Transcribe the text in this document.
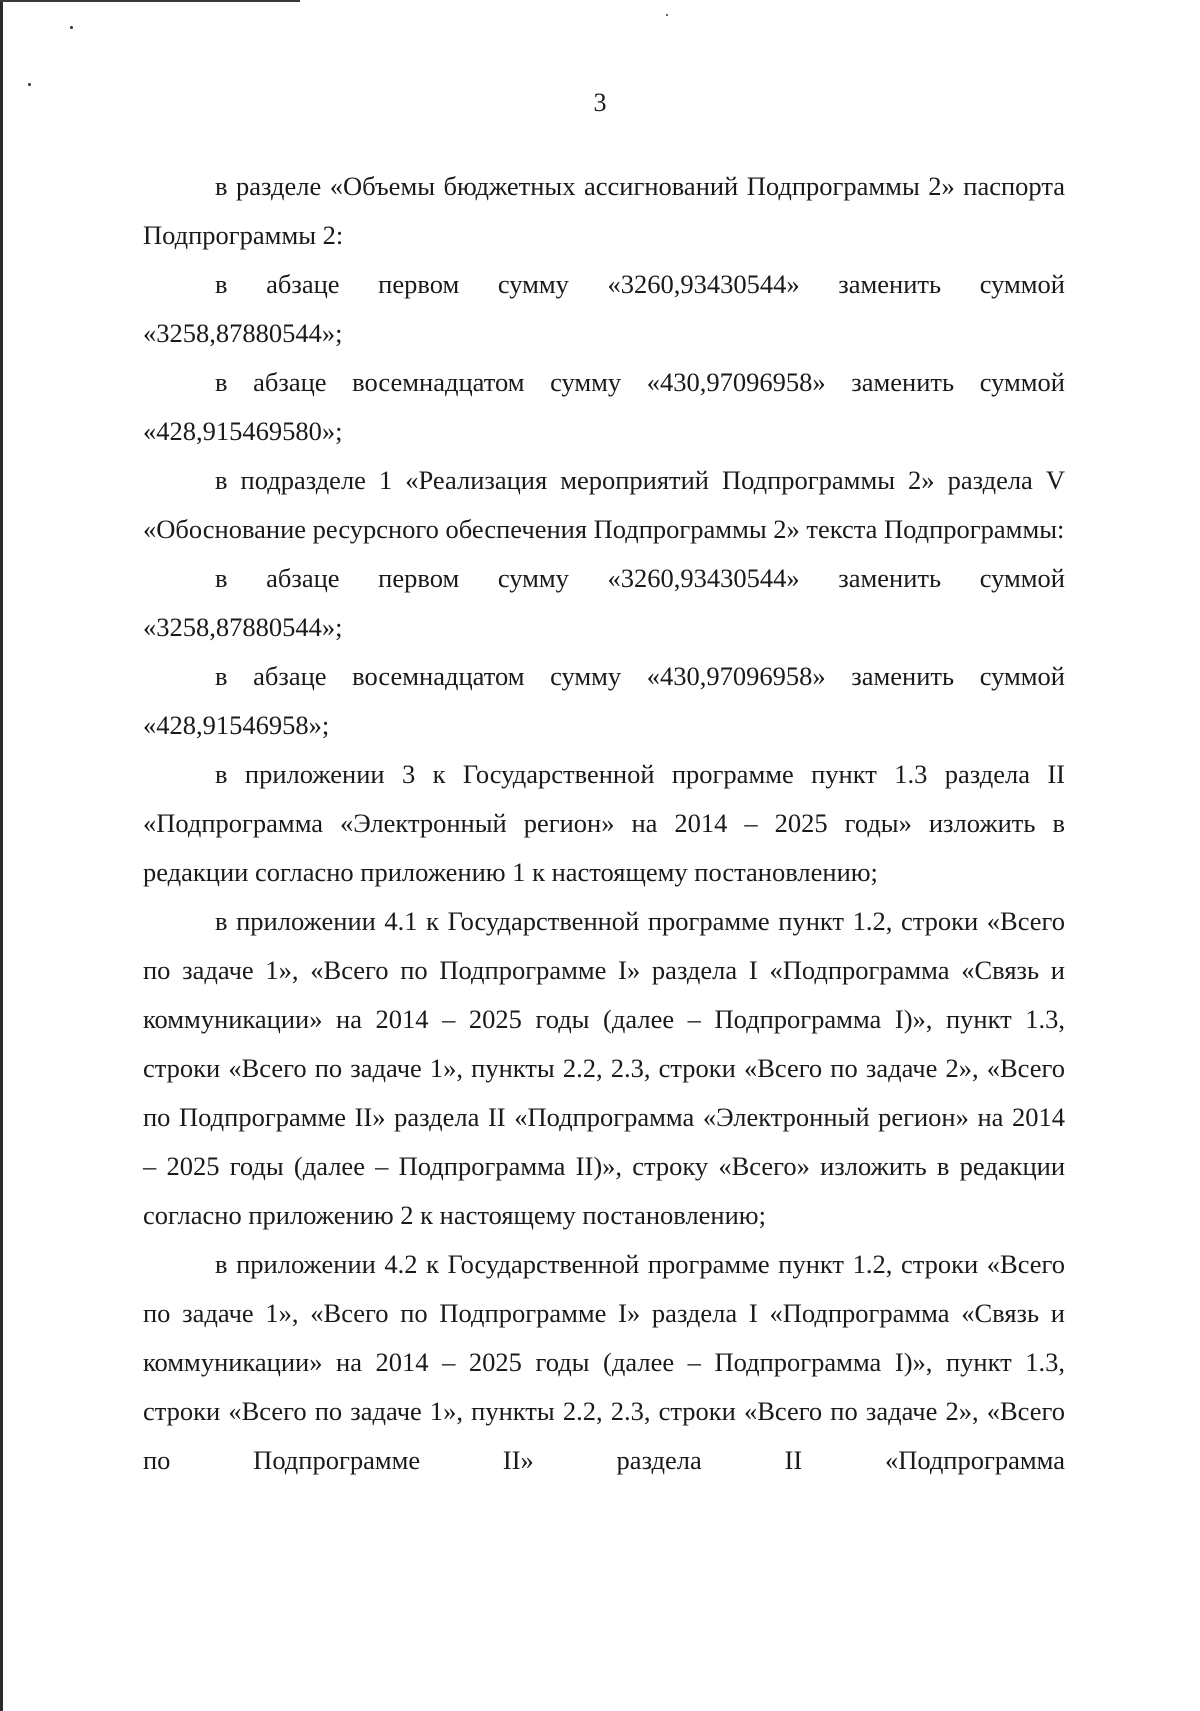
3

в разделе «Объемы бюджетных ассигнований Подпрограммы 2» паспорта Подпрограммы 2:

в абзаце первом сумму «3260,93430544» заменить суммой «3258,87880544»;

в абзаце восемнадцатом сумму «430,97096958» заменить суммой «428,915469580»;

в подразделе 1 «Реализация мероприятий Подпрограммы 2» раздела V «Обоснование ресурсного обеспечения Подпрограммы 2» текста Подпрограммы:

в абзаце первом сумму «3260,93430544» заменить суммой «3258,87880544»;

в абзаце восемнадцатом сумму «430,97096958» заменить суммой «428,91546958»;

в приложении 3 к Государственной программе пункт 1.3 раздела II «Подпрограмма «Электронный регион» на 2014 – 2025 годы» изложить в редакции согласно приложению 1 к настоящему постановлению;

в приложении 4.1 к Государственной программе пункт 1.2, строки «Всего по задаче 1», «Всего по Подпрограмме I» раздела I «Подпрограмма «Связь и коммуникации» на 2014 – 2025 годы (далее – Подпрограмма I)», пункт 1.3, строки «Всего по задаче 1», пункты 2.2, 2.3, строки «Всего по задаче 2», «Всего по Подпрограмме II» раздела II «Подпрограмма «Электронный регион» на 2014 – 2025 годы (далее – Подпрограмма II)», строку «Всего» изложить в редакции согласно приложению 2 к настоящему постановлению;

в приложении 4.2 к Государственной программе пункт 1.2, строки «Всего по задаче 1», «Всего по Подпрограмме I» раздела I «Подпрограмма «Связь и коммуникации» на 2014 – 2025 годы (далее – Подпрограмма I)», пункт 1.3, строки «Всего по задаче 1», пункты 2.2, 2.3, строки «Всего по задаче 2», «Всего по Подпрограмме II» раздела II «Подпрограмма
